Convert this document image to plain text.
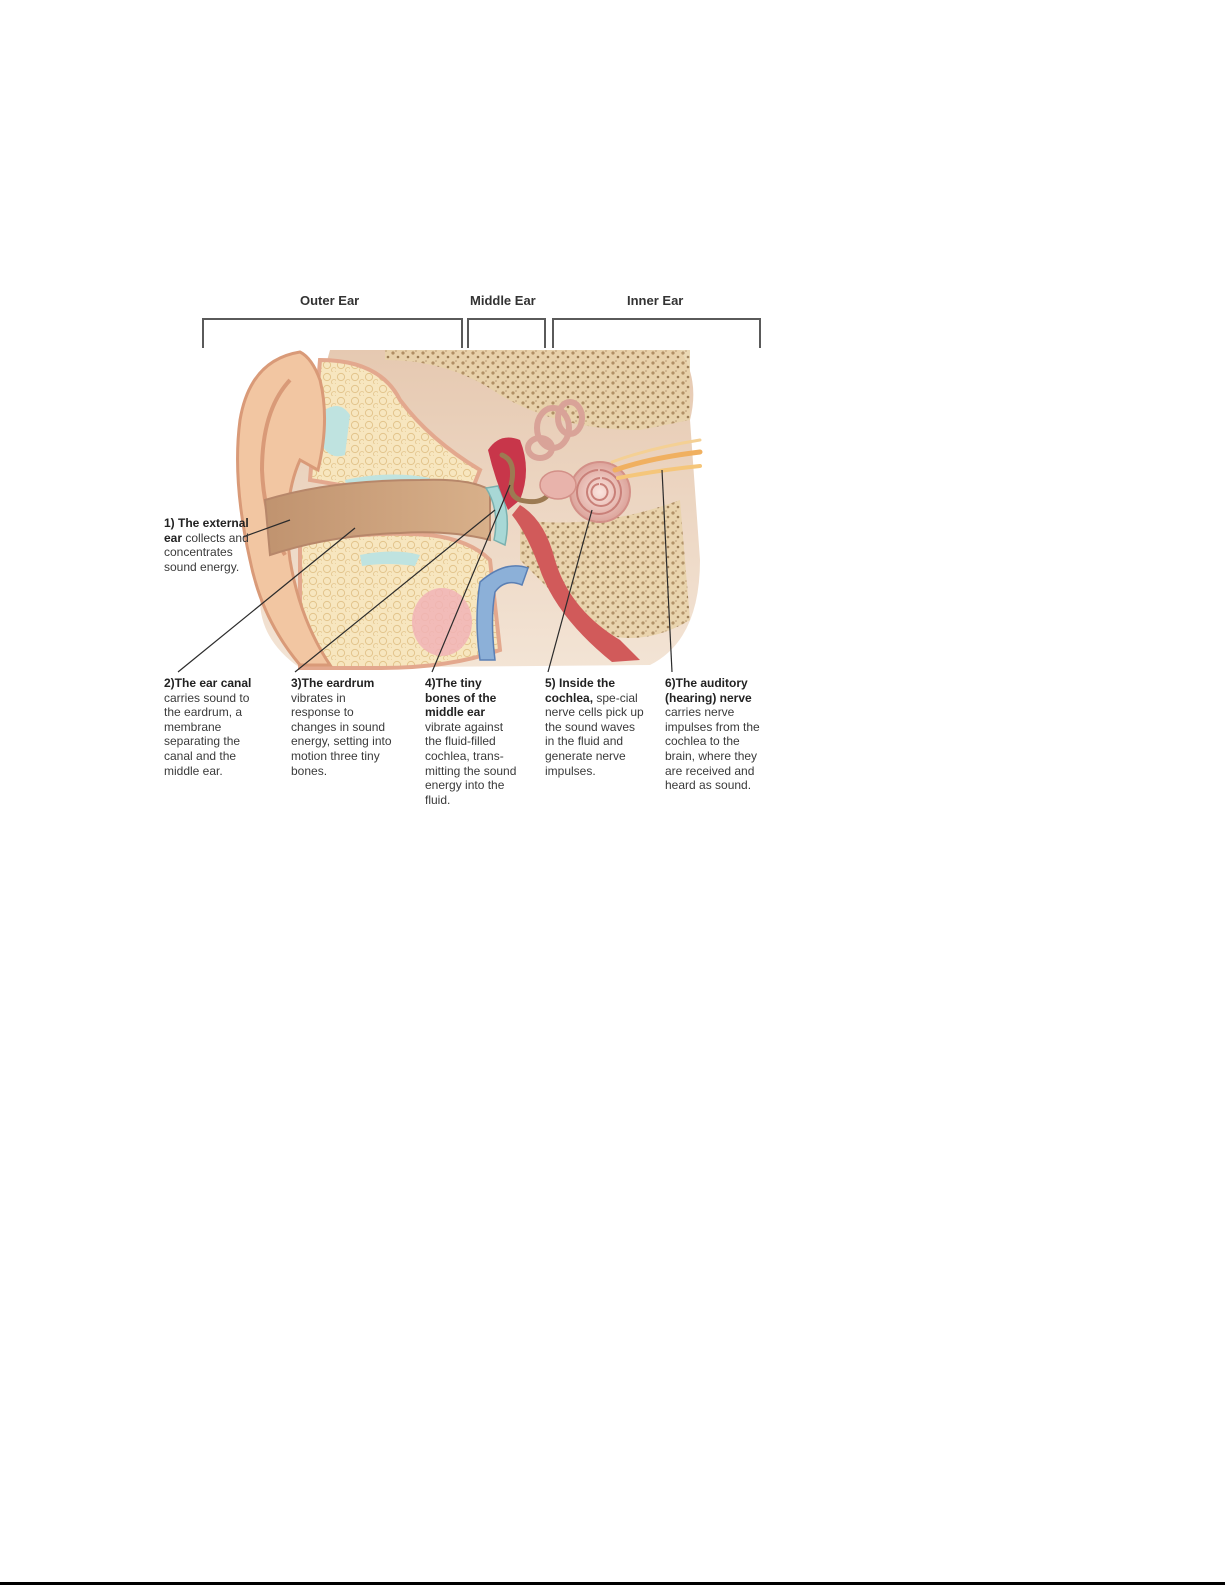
Outer Ear	Middle Ear	Inner Ear
1) The external ear collects and concentrates sound energy.
2)The ear canal carries sound to the eardrum, a membrane separating the canal and the middle ear.
3)The eardrum vibrates in response to changes in sound energy, setting into motion three tiny bones.
4)The tiny bones of the middle ear vibrate against the fluid-filled cochlea, trans-mitting the sound energy into the fluid.
5) Inside the cochlea, spe-cial nerve cells pick up the sound waves in the fluid and generate nerve impulses.
6)The auditory (hearing) nerve carries nerve impulses from the cochlea to the brain, where they are received and heard as sound.
